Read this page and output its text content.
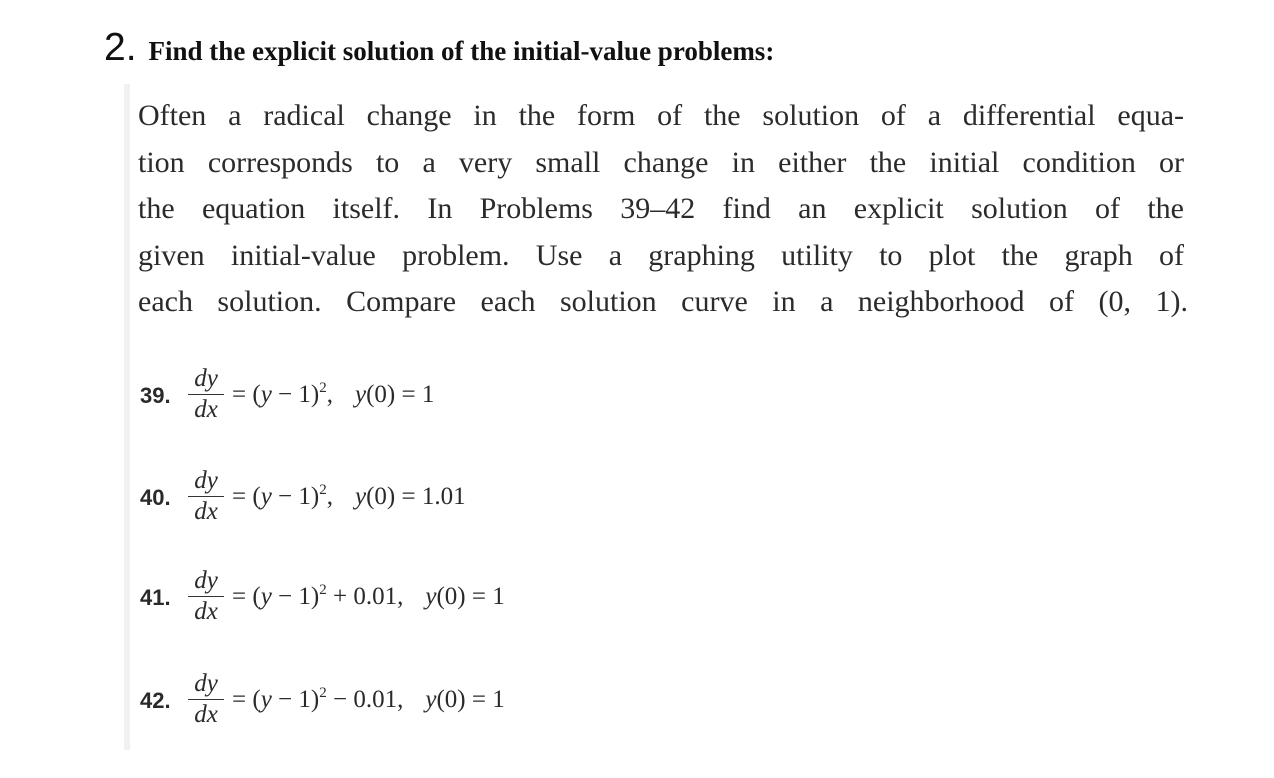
2. Find the explicit solution of the initial-value problems:

Often a radical change in the form of the solution of a differential equa-
tion corresponds to a very small change in either the initial condition or
the equation itself. In Problems 39–42 find an explicit solution of the
given initial-value problem. Use a graphing utility to plot the graph of
each solution. Compare each solution curve in a neighborhood of (0, 1).

39. $\frac{dy}{dx} = (y - 1)^2$, y(0) = 1
40. $\frac{dy}{dx} = (y - 1)^2$, y(0) = 1.01
41. $\frac{dy}{dx} = (y - 1)^2 + 0.01$, y(0) = 1
42. $\frac{dy}{dx} = (y - 1)^2 - 0.01$, y(0) = 1
